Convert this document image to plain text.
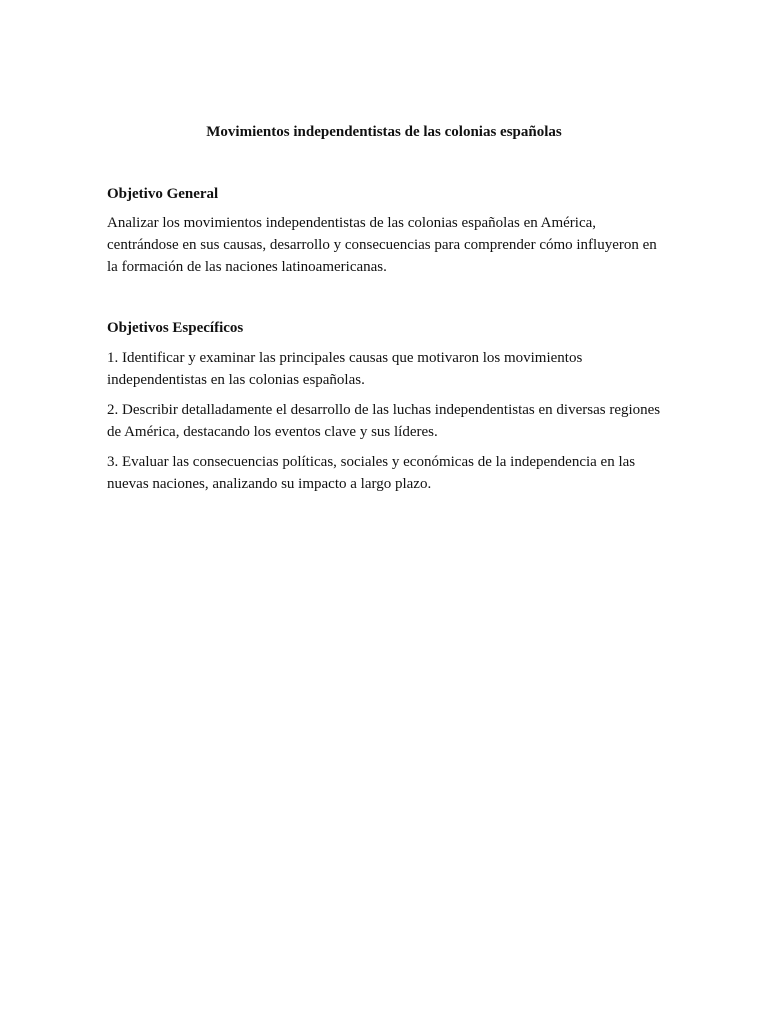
Movimientos independentistas de las colonias españolas
Objetivo General
Analizar los movimientos independentistas de las colonias españolas en América, centrándose en sus causas, desarrollo y consecuencias para comprender cómo influyeron en la formación de las naciones latinoamericanas.
Objetivos Específicos
1. Identificar y examinar las principales causas que motivaron los movimientos independentistas en las colonias españolas.
2. Describir detalladamente el desarrollo de las luchas independentistas en diversas regiones de América, destacando los eventos clave y sus líderes.
3. Evaluar las consecuencias políticas, sociales y económicas de la independencia en las nuevas naciones, analizando su impacto a largo plazo.
